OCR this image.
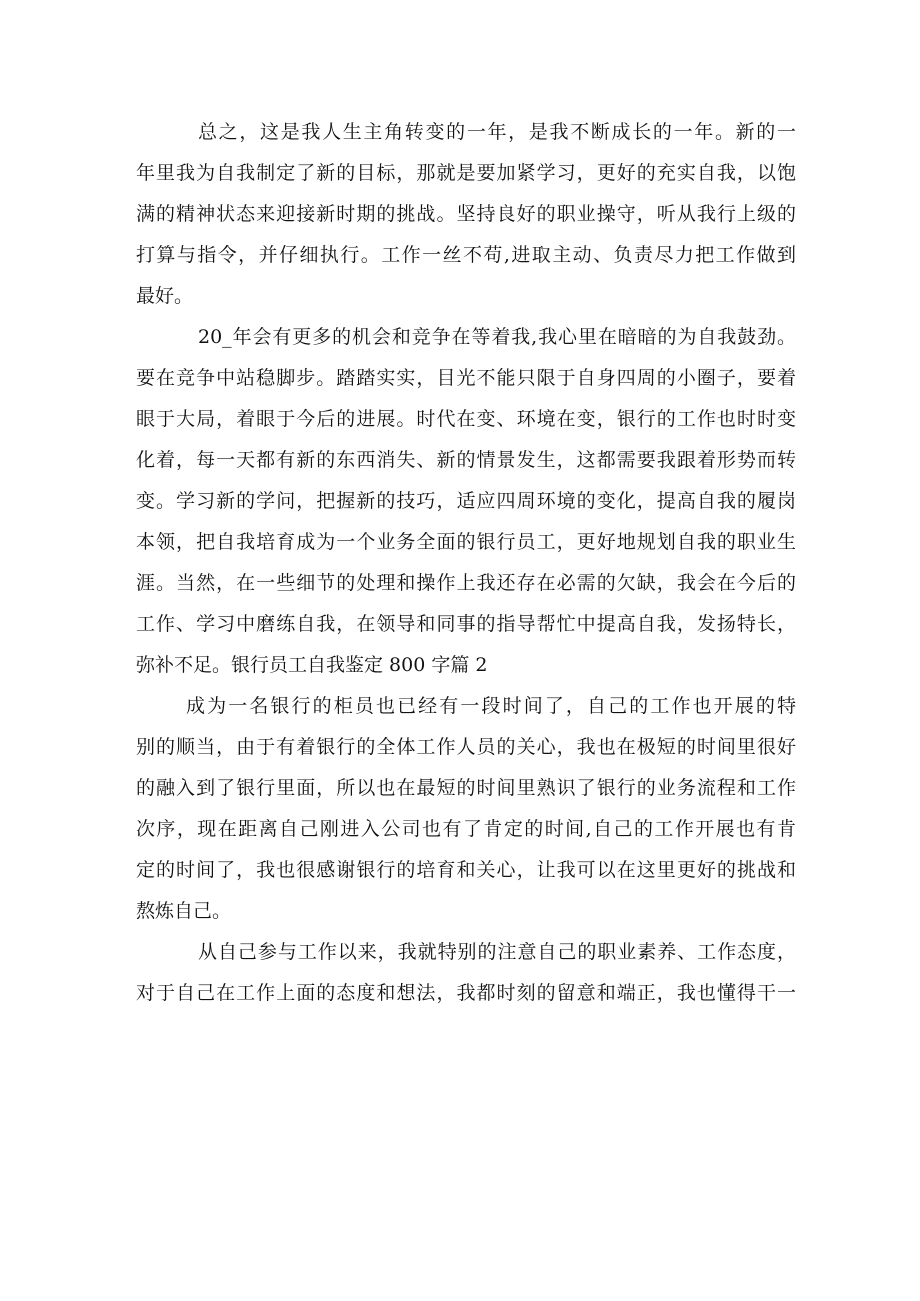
总之，这是我人生主角转变的一年，是我不断成长的一年。新的一
年里我为自我制定了新的目标，那就是要加紧学习，更好的充实自我，以饱
满的精神状态来迎接新时期的挑战。坚持良好的职业操守，听从我行上级的
打算与指令，并仔细执行。工作一丝不苟,进取主动、负责尽力把工作做到
最好。
20_年会有更多的机会和竞争在等着我,我心里在暗暗的为自我鼓劲。
要在竞争中站稳脚步。踏踏实实，目光不能只限于自身四周的小圈子，要着
眼于大局，着眼于今后的进展。时代在变、环境在变，银行的工作也时时变
化着，每一天都有新的东西消失、新的情景发生，这都需要我跟着形势而转
变。学习新的学问，把握新的技巧，适应四周环境的变化，提高自我的履岗
本领，把自我培育成为一个业务全面的银行员工，更好地规划自我的职业生
涯。当然，在一些细节的处理和操作上我还存在必需的欠缺，我会在今后的
工作、学习中磨练自我，在领导和同事的指导帮忙中提高自我，发扬特长，
弥补不足。银行员工自我鉴定 800 字篇 2
成为一名银行的柜员也已经有一段时间了，自己的工作也开展的特
别的顺当，由于有着银行的全体工作人员的关心，我也在极短的时间里很好
的融入到了银行里面，所以也在最短的时间里熟识了银行的业务流程和工作
次序，现在距离自己刚进入公司也有了肯定的时间,自己的工作开展也有肯
定的时间了，我也很感谢银行的培育和关心，让我可以在这里更好的挑战和
熬炼自己。
从自己参与工作以来，我就特别的注意自己的职业素养、工作态度，
对于自己在工作上面的态度和想法，我都时刻的留意和端正，我也懂得干一
